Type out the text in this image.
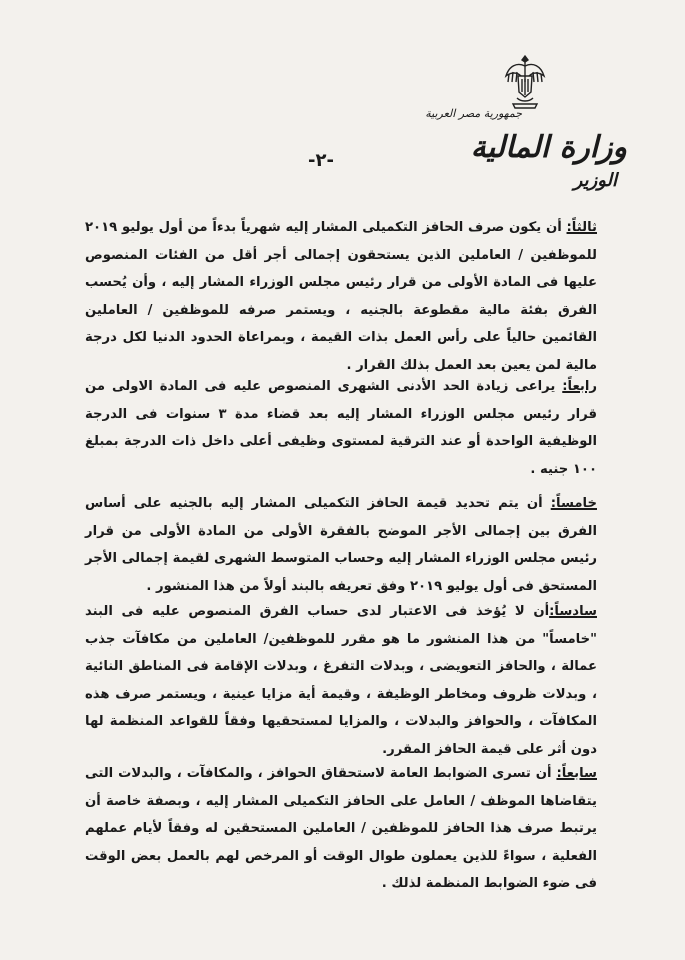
جمهورية مصر العربية
وزارة المالية
الوزير
-٢-
ثالثاً: أن يكون صرف الحافز التكميلى المشار إليه شهرياً بدءاً من أول يوليو ٢٠١٩ للموظفين / العاملين الذين يستحقون إجمالى أجر أقل من الفئات المنصوص عليها فى المادة الأولى من قرار رئيس مجلس الوزراء المشار إليه ، وأن يُحسب الفرق بفئة مالية مقطوعة بالجنيه ، ويستمر صرفه للموظفين / العاملين القائمين حالياً على رأس العمل بذات القيمة ، وبمراعاة الحدود الدنيا لكل درجة مالية لمن يعين بعد العمل بذلك القرار .
رابعاً: يراعى زيادة الحد الأدنى الشهرى المنصوص عليه فى المادة الاولى من قرار رئيس مجلس الوزراء المشار إليه بعد قضاء مدة ٣ سنوات فى الدرجة الوظيفية الواحدة أو عند الترقية لمستوى وظيفى أعلى داخل ذات الدرجة بمبلغ ١٠٠ جنيه .
خامساً: أن يتم تحديد قيمة الحافز التكميلى المشار إليه بالجنيه على أساس الفرق بين إجمالى الأجر الموضح بالفقرة الأولى من المادة الأولى من قرار رئيس مجلس الوزراء المشار إليه وحساب المتوسط الشهرى لقيمة إجمالى الأجر المستحق فى أول يوليو ٢٠١٩ وفق تعريفه بالبند أولاً من هذا المنشور .
سادساً:أن لا يُؤخذ فى الاعتبار لدى حساب الفرق المنصوص عليه فى البند "خامساً" من هذا المنشور ما هو مقرر للموظفين/ العاملين من مكافآت جذب عمالة ، والحافز التعويضى ، وبدلات التفرغ ، وبدلات الإقامة فى المناطق النائية ، وبدلات ظروف ومخاطر الوظيفة ، وقيمة أية مزايا عينية ، ويستمر صرف هذه المكافآت ، والحوافز والبدلات ، والمزايا لمستحقيها وفقاً للقواعد المنظمة لها دون أثر على قيمة الحافز المقرر.
سابعاً: أن تسرى الضوابط العامة لاستحقاق الحوافز ، والمكافآت ، والبدلات التى يتقاضاها الموظف / العامل على الحافز التكميلى المشار إليه ، وبصفة خاصة أن يرتبط صرف هذا الحافز للموظفين / العاملين المستحقين له وفقاً لأيام عملهم الفعلية ، سواءً للذين يعملون طوال الوقت أو المرخص لهم بالعمل بعض الوقت فى ضوء الضوابط المنظمة لذلك .
